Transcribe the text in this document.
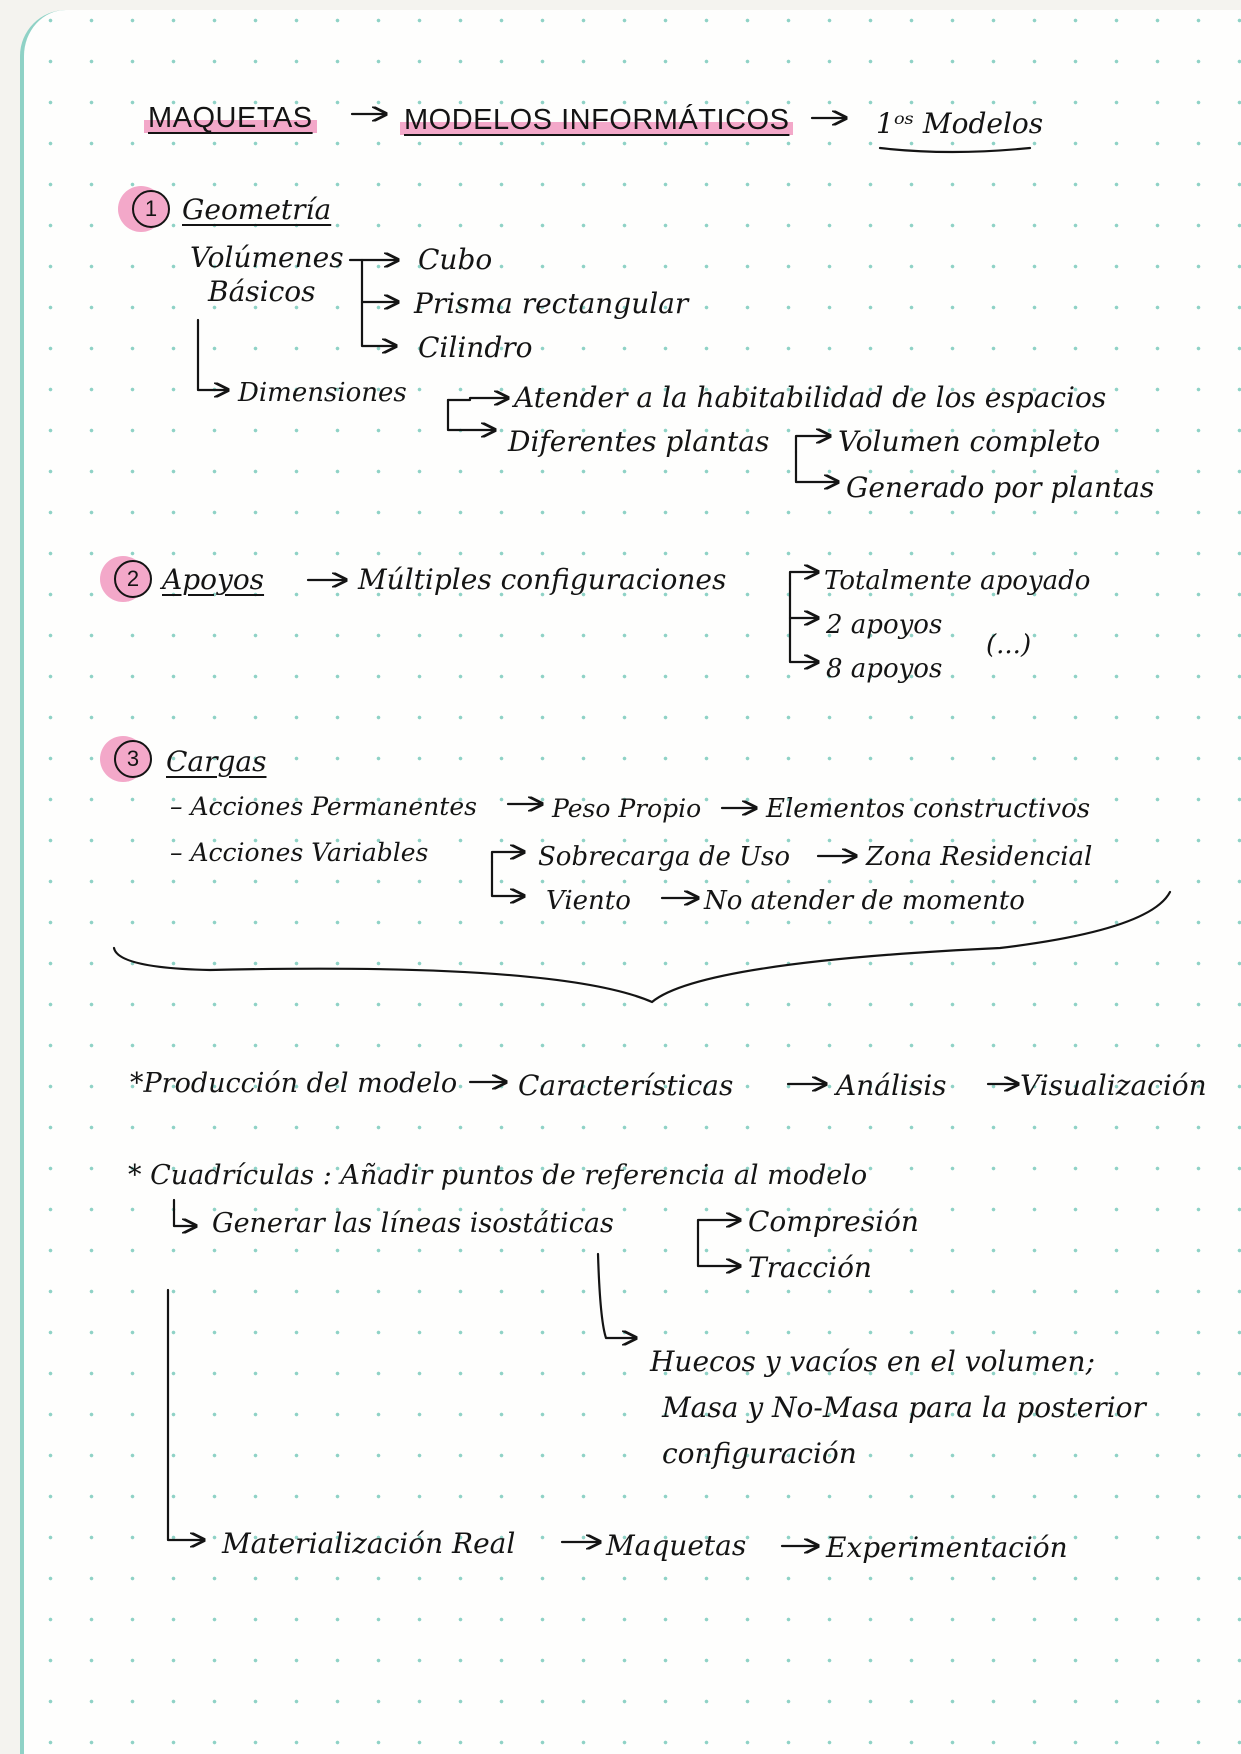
MAQUETAS	MODELOS INFORMÁTICOS	1ᵒˢ Modelos
1 Geometría
Volúmenes
Básicos
Cubo
Prisma rectangular
Cilindro
Dimensiones	Atender a la habitabilidad de los espacios
Diferentes plantas Volumen completo
Generado por plantas
2 Apoyos	Múltiples configuraciones	Totalmente apoyado
2 apoyos
8 apoyos
(...)
3 Cargas
– Acciones Permanentes	Peso Propio Elementos constructivos
– Acciones Variables	Sobrecarga de Uso	Zona Residencial
Viento	No atender de momento
*Producción del modelo Características	Análisis	Visualización
* Cuadrículas : Añadir puntos de referencia al modelo
Generar las líneas isostáticas	Compresión
Tracción
Huecos y vacíos en el volumen;
Masa y No-Masa para la posterior
configuración
Materialización Real	Maquetas	Experimentación
